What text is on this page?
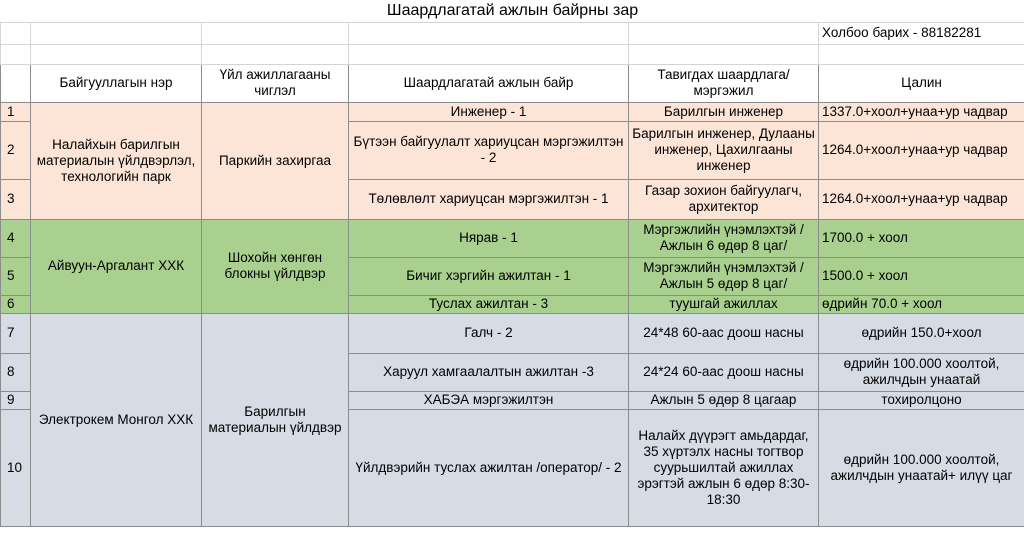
Шаардлагатай ажлын байрны зар					
					Холбоо барих - 88182281

	Байгууллагын нэр	Үйл ажиллагааны чиглэл	Шаардлагатай ажлын байр	Тавигдах шаардлага/ мэргэжил	Цалин
1	Налайхын барилгын материалын үйлдвэрлэл, технологийн парк	Паркийн захиргаа	Инженер - 1	Барилгын инженер	1337.0+хоол+унаа+ур чадвар
2			Бүтээн байгуулалт хариуцсан мэргэжилтэн - 2	Барилгын инженер, Дулааны инженер, Цахилгааны инженер	1264.0+хоол+унаа+ур чадвар
3			Төлөвлөлт хариуцсан мэргэжилтэн - 1	Газар зохион байгуулагч, архитектор	1264.0+хоол+унаа+ур чадвар
4	Айвуун-Аргалант ХХК	Шохойн хөнгөн блокны үйлдвэр	Нярав - 1	Мэргэжлийн үнэмлэхтэй /Ажлын 6 өдөр 8 цаг/	1700.0 + хоол
5			Бичиг хэргийн ажилтан - 1	Мэргэжлийн үнэмлэхтэй /Ажлын 5 өдөр 8 цаг/	1500.0 + хоол
6			Туслах ажилтан - 3	туушгай ажиллах	өдрийн 70.0 + хоол
7	Электрокем Монгол ХХК	Барилгын материалын үйлдвэр	Галч - 2	24*48 60-аас доош насны	өдрийн 150.0+хоол
8			Харуул хамгаалалтын ажилтан -3	24*24 60-аас доош насны	өдрийн 100.000 хоолтой, ажилчдын унаатай
9			ХАБЭА мэргэжилтэн	Ажлын 5 өдөр 8 цагаар	тохиролцоно
10			Үйлдвэрийн туслах ажилтан /оператор/ - 2	Налайх дүүрэгт амьдардаг, 35 хүртэлх насны тогтвор суурьшилтай ажиллах эрэгтэй ажлын 6 өдөр 8:30-18:30	өдрийн 100.000 хоолтой, ажилчдын унаатай+ илүү цаг
